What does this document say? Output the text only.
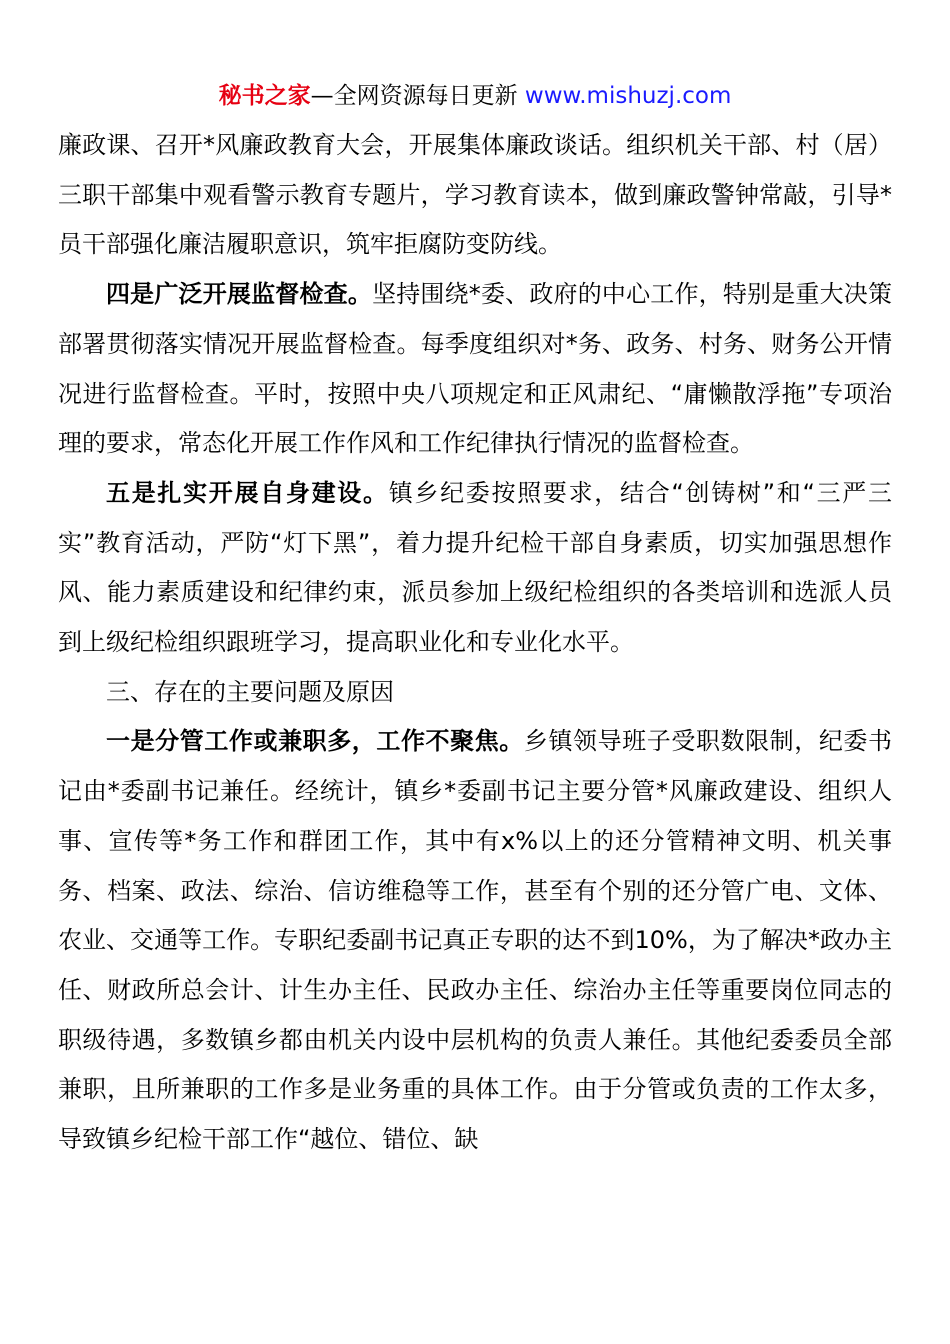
秘书之家—全网资源每日更新 www.mishuzj.com

廉政课、召开*风廉政教育大会，开展集体廉政谈话。组织机关干部、村（居）三职干部集中观看警示教育专题片，学习教育读本，做到廉政警钟常敲，引导*员干部强化廉洁履职意识，筑牢拒腐防变防线。

四是广泛开展监督检查。坚持围绕*委、政府的中心工作，特别是重大决策部署贯彻落实情况开展监督检查。每季度组织对*务、政务、村务、财务公开情况进行监督检查。平时，按照中央八项规定和正风肃纪、“庸懒散浮拖”专项治理的要求，常态化开展工作作风和工作纪律执行情况的监督检查。

五是扎实开展自身建设。镇乡纪委按照要求，结合“创铸树”和“三严三实”教育活动，严防“灯下黑”，着力提升纪检干部自身素质，切实加强思想作风、能力素质建设和纪律约束，派员参加上级纪检组织的各类培训和选派人员到上级纪检组织跟班学习，提高职业化和专业化水平。

三、存在的主要问题及原因

一是分管工作或兼职多，工作不聚焦。乡镇领导班子受职数限制，纪委书记由*委副书记兼任。经统计，镇乡*委副书记主要分管*风廉政建设、组织人事、宣传等*务工作和群团工作，其中有x%以上的还分管精神文明、机关事务、档案、政法、综治、信访维稳等工作，甚至有个别的还分管广电、文体、农业、交通等工作。专职纪委副书记真正专职的达不到10%，为了解决*政办主任、财政所总会计、计生办主任、民政办主任、综治办主任等重要岗位同志的职级待遇，多数镇乡都由机关内设中层机构的负责人兼任。其他纪委委员全部兼职，且所兼职的工作多是业务重的具体工作。由于分管或负责的工作太多，导致镇乡纪检干部工作“越位、错位、缺
